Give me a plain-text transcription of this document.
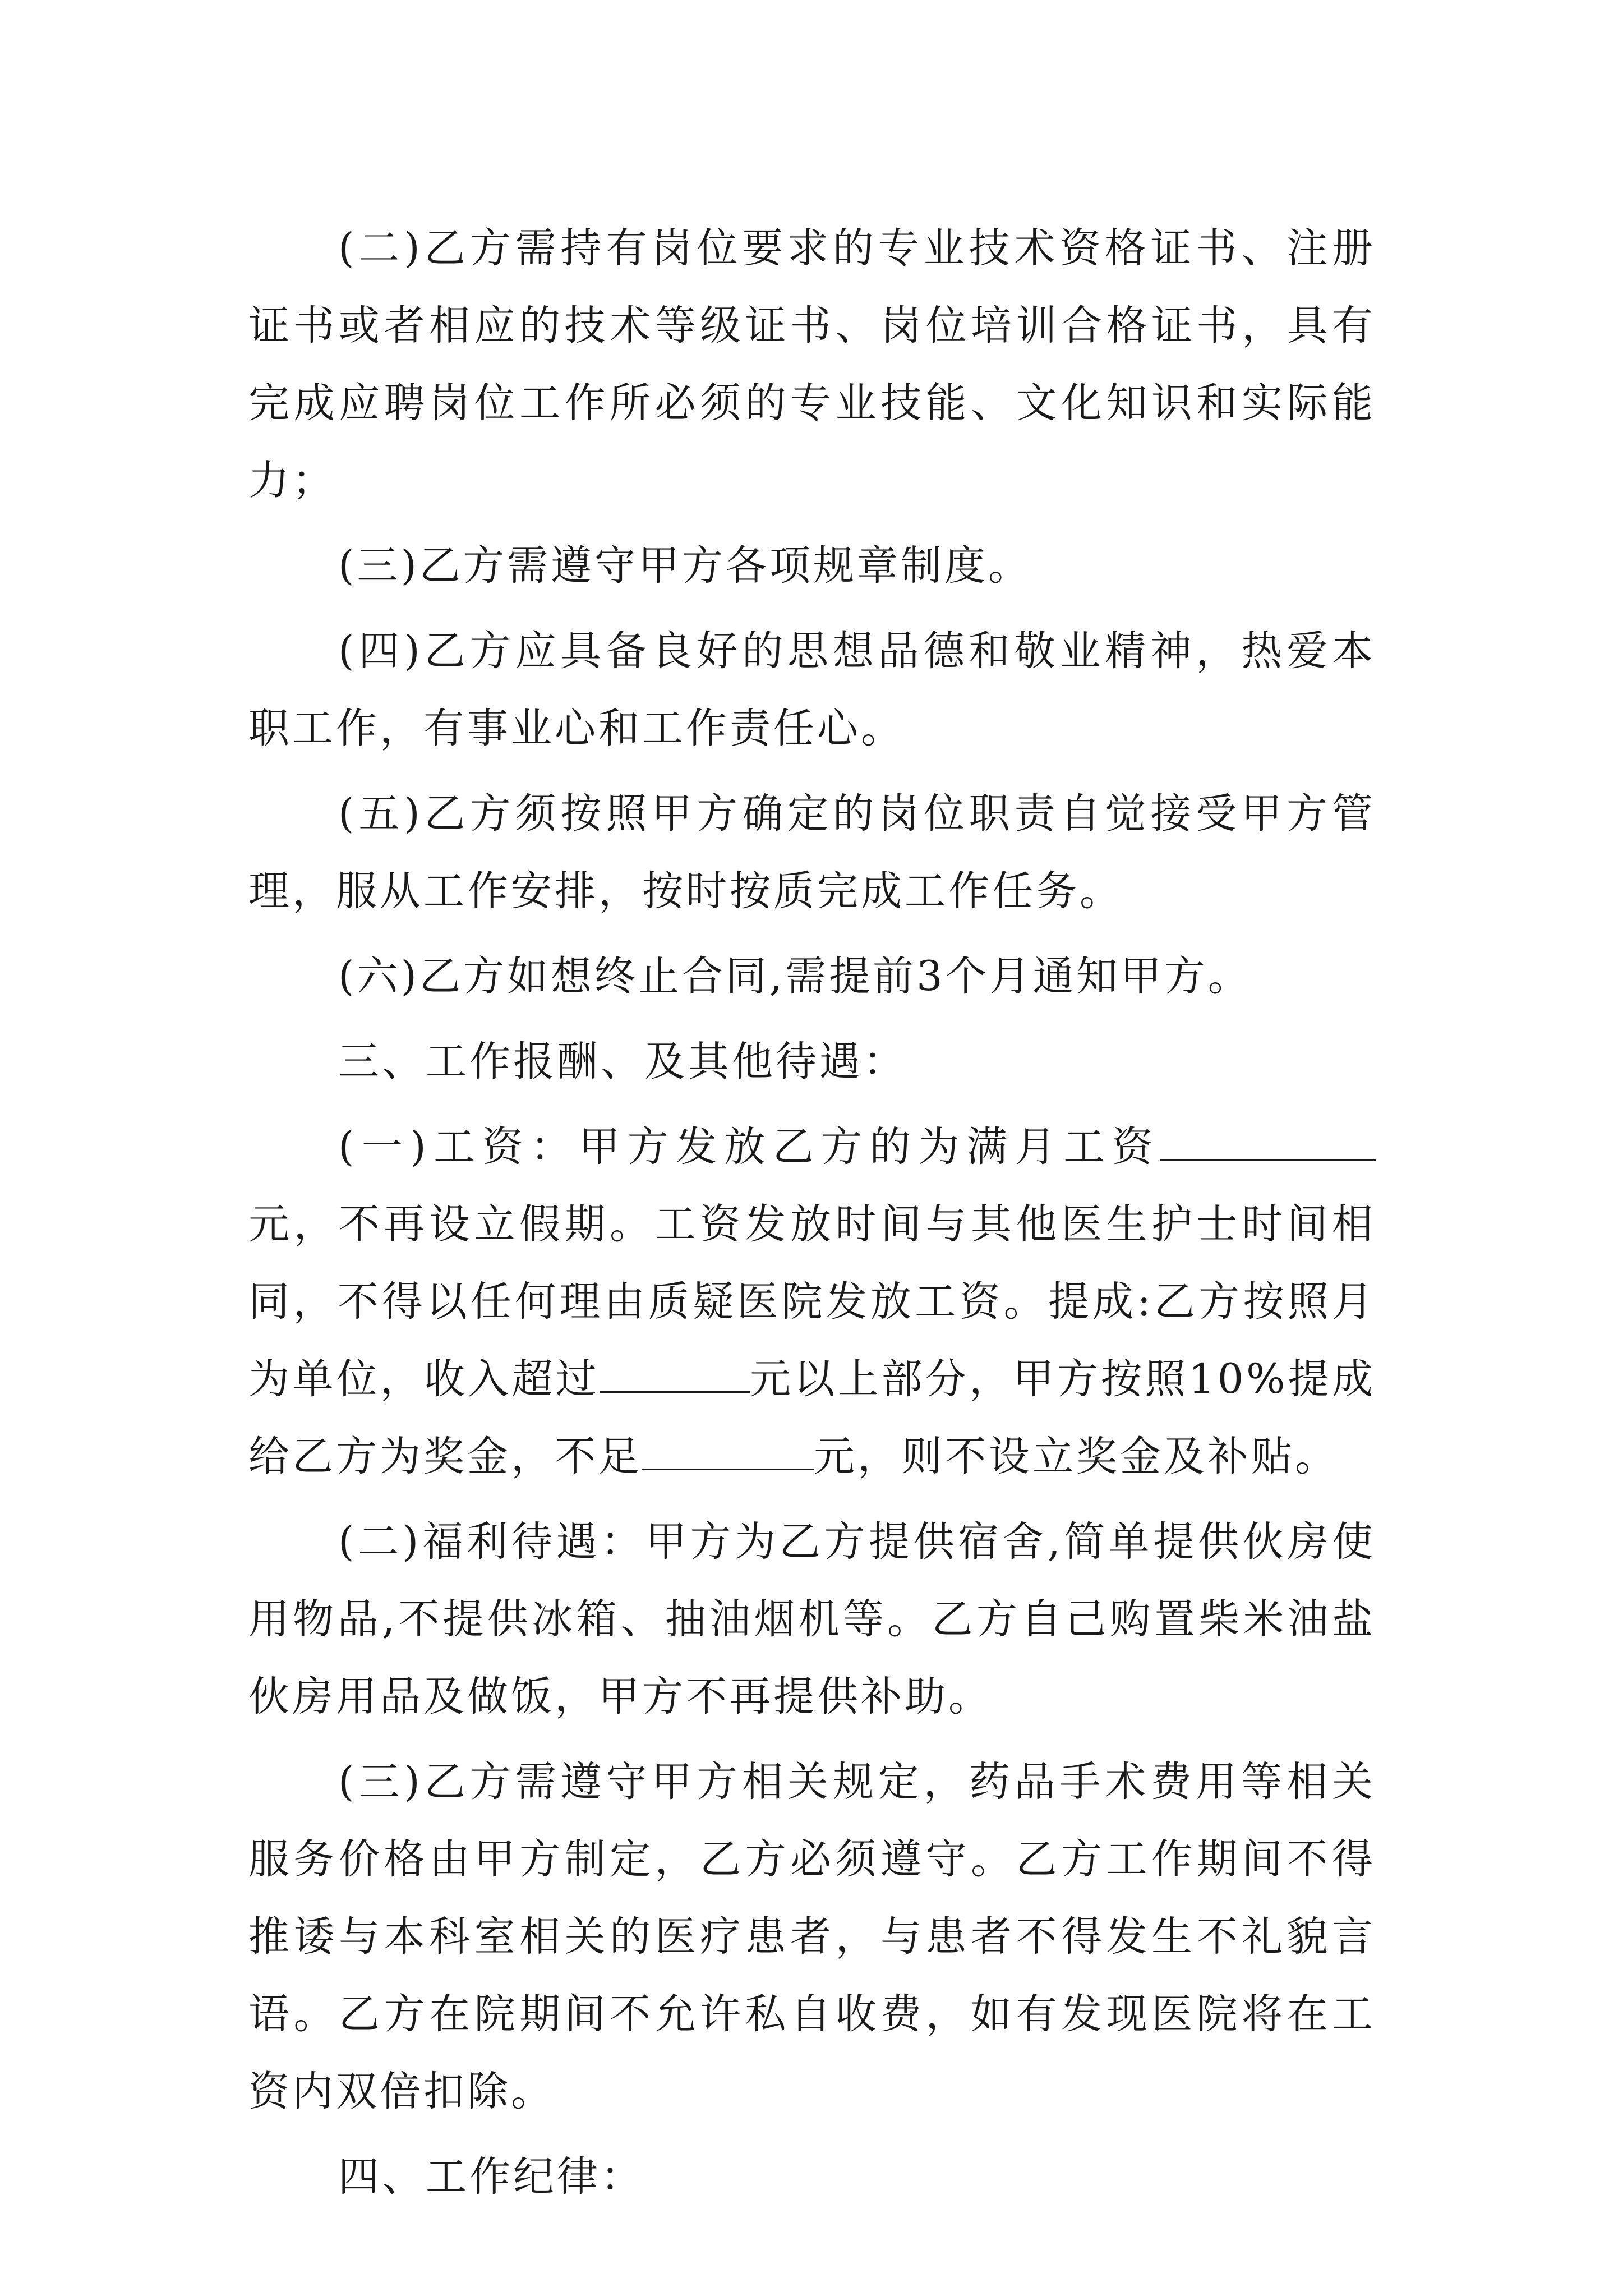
(二)乙方需持有岗位要求的专业技术资格证书、注册证书或者相应的技术等级证书、岗位培训合格证书，具有完成应聘岗位工作所必须的专业技能、文化知识和实际能力；

(三)乙方需遵守甲方各项规章制度。

(四)乙方应具备良好的思想品德和敬业精神，热爱本职工作，有事业心和工作责任心。

(五)乙方须按照甲方确定的岗位职责自觉接受甲方管理，服从工作安排，按时按质完成工作任务。

(六)乙方如想终止合同,需提前3个月通知甲方。

三、工作报酬、及其他待遇：

(一)工资：甲方发放乙方的为满月工资元，不再设立假期。工资发放时间与其他医生护士时间相同，不得以任何理由质疑医院发放工资。提成:乙方按照月为单位，收入超过	元以上部分，甲方按照10%提成给乙方为奖金，不足	元，则不设立奖金及补贴。

(二)福利待遇：甲方为乙方提供宿舍,简单提供伙房使用物品,不提供冰箱、抽油烟机等。乙方自己购置柴米油盐伙房用品及做饭，甲方不再提供补助。

(三)乙方需遵守甲方相关规定，药品手术费用等相关服务价格由甲方制定，乙方必须遵守。乙方工作期间不得推诿与本科室相关的医疗患者，与患者不得发生不礼貌言语。乙方在院期间不允许私自收费，如有发现医院将在工资内双倍扣除。

四、工作纪律：
